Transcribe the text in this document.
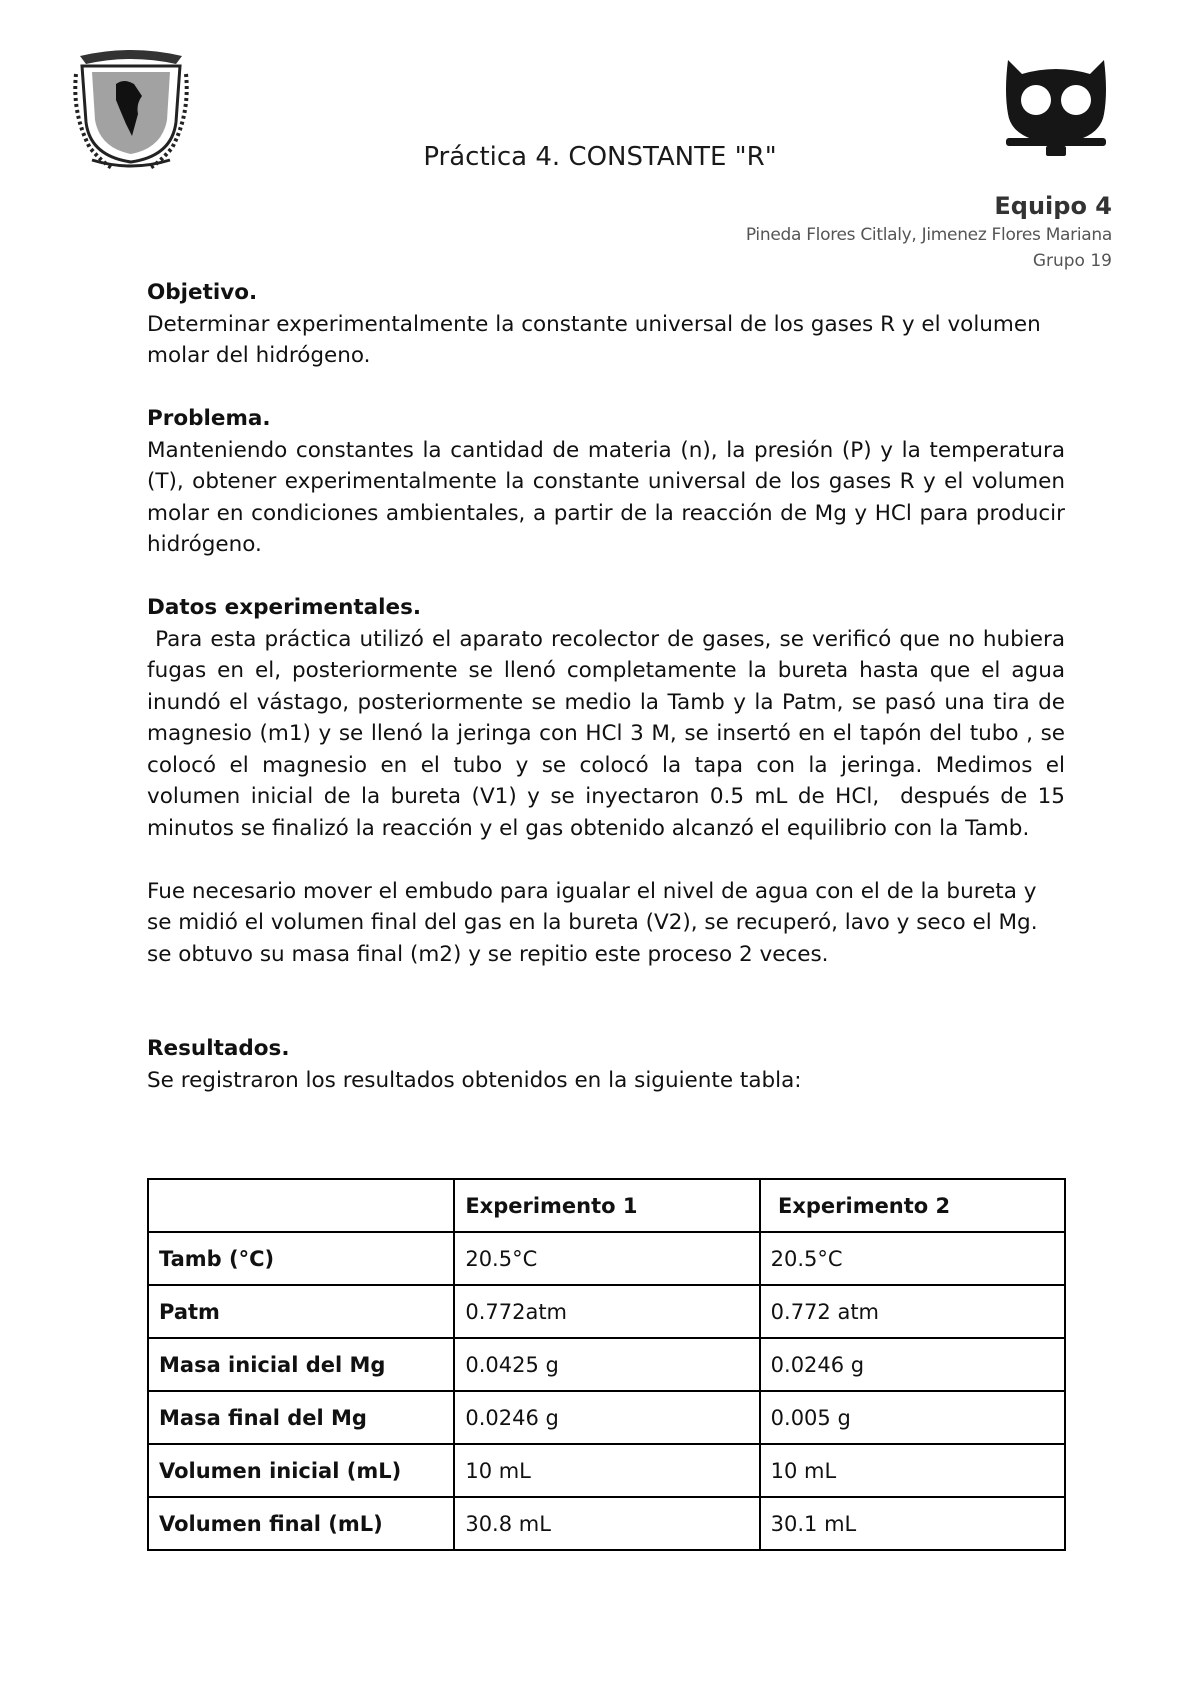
Práctica 4. CONSTANTE "R"
Equipo 4
Pineda Flores Citlaly, Jimenez Flores Mariana
Grupo 19
Objetivo.

Determinar experimentalmente la constante universal de los gases R y el volumen molar del hidrógeno.

Problema.

Manteniendo constantes la cantidad de materia (n), la presión (P) y la temperatura (T), obtener experimentalmente la constante universal de los gases R y el volumen molar en condiciones ambientales, a partir de la reacción de Mg y HCl para producir hidrógeno.

Datos experimentales.

Para esta práctica utilizó el aparato recolector de gases, se verificó que no hubiera fugas en el, posteriormente se llenó completamente la bureta hasta que el agua inundó el vástago, posteriormente se medio la Tamb y la Patm, se pasó una tira de magnesio (m1) y se llenó la jeringa con HCl 3 M, se insertó en el tapón del tubo , se colocó el magnesio en el tubo y se colocó la tapa con la jeringa. Medimos el volumen inicial de la bureta (V1) y se inyectaron 0.5 mL de HCl,  después de 15 minutos se finalizó la reacción y el gas obtenido alcanzó el equilibrio con la Tamb.

Fue necesario mover el embudo para igualar el nivel de agua con el de la bureta y se midió el volumen final del gas en la bureta (V2), se recuperó, lavo y seco el Mg. se obtuvo su masa final (m2) y se repitio este proceso 2 veces.

Resultados.

Se registraron los resultados obtenidos en la siguiente tabla:

	Experimento 1	Experimento 2
Tamb (°C)	20.5°C	20.5°C
Patm	0.772atm	0.772 atm
Masa inicial del Mg	0.0425 g	0.0246 g
Masa final del Mg	0.0246 g	0.005 g
Volumen inicial (mL)	10 mL	10 mL
Volumen final (mL)	30.8 mL	30.1 mL
